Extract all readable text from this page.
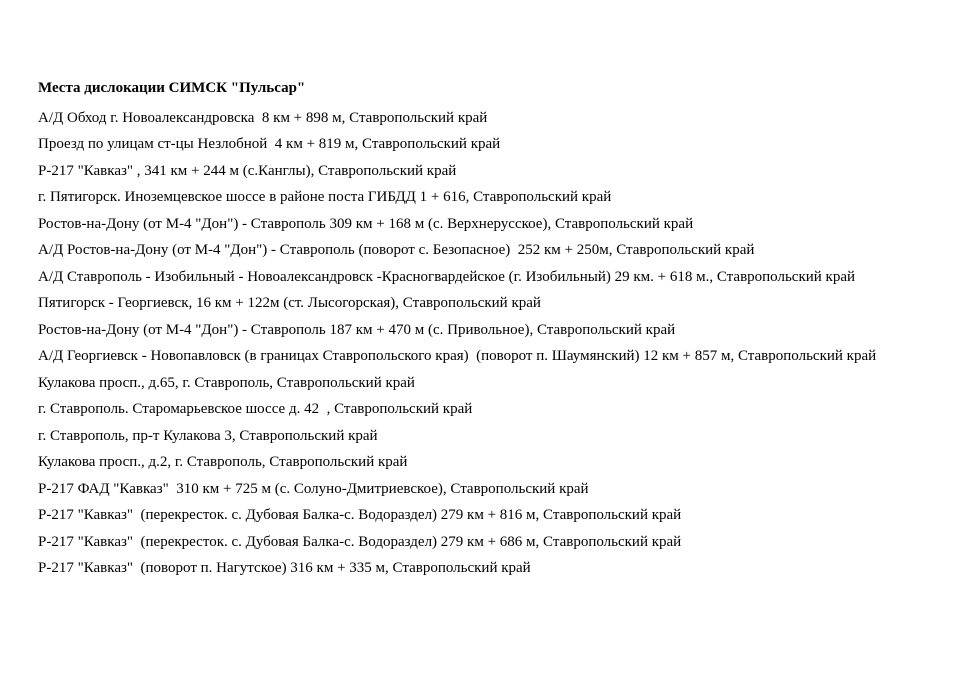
Места дислокации СИМСК "Пульсар"
А/Д Обход г. Новоалександровска  8 км + 898 м, Ставропольский край
Проезд по улицам ст-цы Незлобной  4 км + 819 м, Ставропольский край
Р-217 "Кавказ" , 341 км + 244 м (с.Канглы), Ставропольский край
г. Пятигорск. Иноземцевское шоссе в районе поста ГИБДД 1 + 616, Ставропольский край
Ростов-на-Дону (от М-4 "Дон") - Ставрополь 309 км + 168 м (с. Верхнерусское), Ставропольский край
А/Д Ростов-на-Дону (от М-4 "Дон") - Ставрополь (поворот с. Безопасное)  252 км + 250м, Ставропольский край
А/Д Ставрополь - Изобильный - Новоалександровск -Красногвардейское (г. Изобильный) 29 км. + 618 м., Ставропольский край
Пятигорск - Георгиевск, 16 км + 122м (ст. Лысогорская), Ставропольский край
Ростов-на-Дону (от М-4 "Дон") - Ставрополь 187 км + 470 м (с. Привольное), Ставропольский край
А/Д Георгиевск - Новопавловск (в границах Ставропольского края)  (поворот п. Шаумянский) 12 км + 857 м, Ставропольский край
Кулакова просп., д.65, г. Ставрополь, Ставропольский край
г. Ставрополь. Старомарьевское шоссе д. 42  , Ставропольский край
г. Ставрополь, пр-т Кулакова 3, Ставропольский край
Кулакова просп., д.2, г. Ставрополь, Ставропольский край
Р-217 ФАД "Кавказ"  310 км + 725 м (с. Солуно-Дмитриевское), Ставропольский край
Р-217 "Кавказ"  (перекресток. с. Дубовая Балка-с. Водораздел) 279 км + 816 м, Ставропольский край
Р-217 "Кавказ"  (перекресток. с. Дубовая Балка-с. Водораздел) 279 км + 686 м, Ставропольский край
Р-217 "Кавказ"  (поворот п. Нагутское) 316 км + 335 м, Ставропольский край
